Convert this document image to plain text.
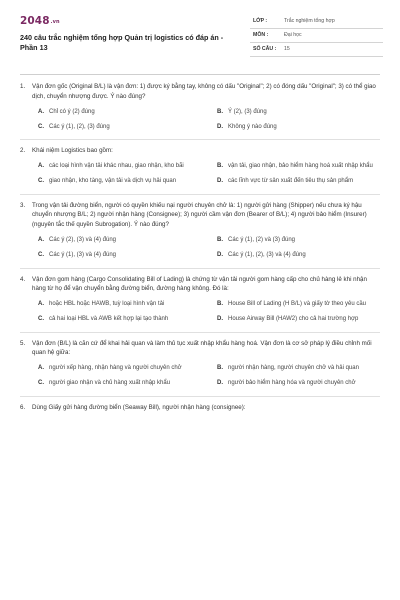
2048.vn
240 câu trắc nghiệm tổng hợp Quản trị logistics có đáp án - Phần 13
LỚP :	Trắc nghiệm tổng hợp
MÔN :	Đại học
SỐ CÂU : 15
1.	Vận đơn gốc (Original B/L) là vận đơn: 1) được ký bằng tay, không có dấu "Original"; 2) có đóng dấu "Original"; 3) có thể giao dịch, chuyển nhượng được. Ý nào đúng?
A. Chỉ có ý (2) đúng	B. Ý (2), (3) đúng
C. Các ý (1), (2), (3) đúng	D. Không ý nào đúng
2.	Khái niệm Logistics bao gồm:
A. các loại hình vận tải khác nhau, giao nhận, kho bãi	B. vận tải, giao nhận, bảo hiểm hàng hoá xuất nhập khẩu
C. giao nhận, kho tàng, vận tải và dịch vụ hải quan	D. các lĩnh vực từ sản xuất đến tiêu thụ sản phẩm
3.	Trong vận tải đường biển, người có quyền khiếu nại người chuyên chở là: 1) người gửi hàng (Shipper) nếu chưa ký hậu chuyển nhượng B/L; 2) người nhận hàng (Consignee); 3) người cầm vận đơn (Bearer of B/L); 4) người bảo hiểm (Insurer) (nguyên tắc thế quyền Subrogation). Ý nào đúng?
A. Các ý (2), (3) và (4) đúng	B. Các ý (1), (2) và (3) đúng
C. Các ý (1), (3) và (4) đúng	D. Các ý (1), (2), (3) và (4) đúng
4.	Vận đơn gom hàng (Cargo Consolidating Bill of Lading) là chứng từ vận tải người gom hàng cấp cho chủ hàng lẻ khi nhận hàng từ họ để vận chuyển bằng đường biển, đường hàng không. Đó là:
A. hoặc HBL hoặc HAWB, tuỳ loại hình vận tải	B. House Bill of Lading (H B/L) và giấy tờ theo yêu cầu
C. cả hai loại HBL và AWB kết hợp lại tạo thành	D. House Airway Bill (HAW2) cho cả hai trường hợp
5.	Vận đơn (B/L) là căn cứ để khai hải quan và làm thủ tục xuất nhập khẩu hàng hoá. Vận đơn là cơ sở pháp lý điều chỉnh mối quan hệ giữa:
A. người xếp hàng, nhận hàng và người chuyên chở	B. người nhận hàng, người chuyên chở và hải quan
C. người giao nhận và chủ hàng xuất nhập khẩu	D. người bảo hiểm hàng hóa và người chuyên chở
6.	Dùng Giấy gửi hàng đường biển (Seaway Bill), người nhận hàng (consignee):
